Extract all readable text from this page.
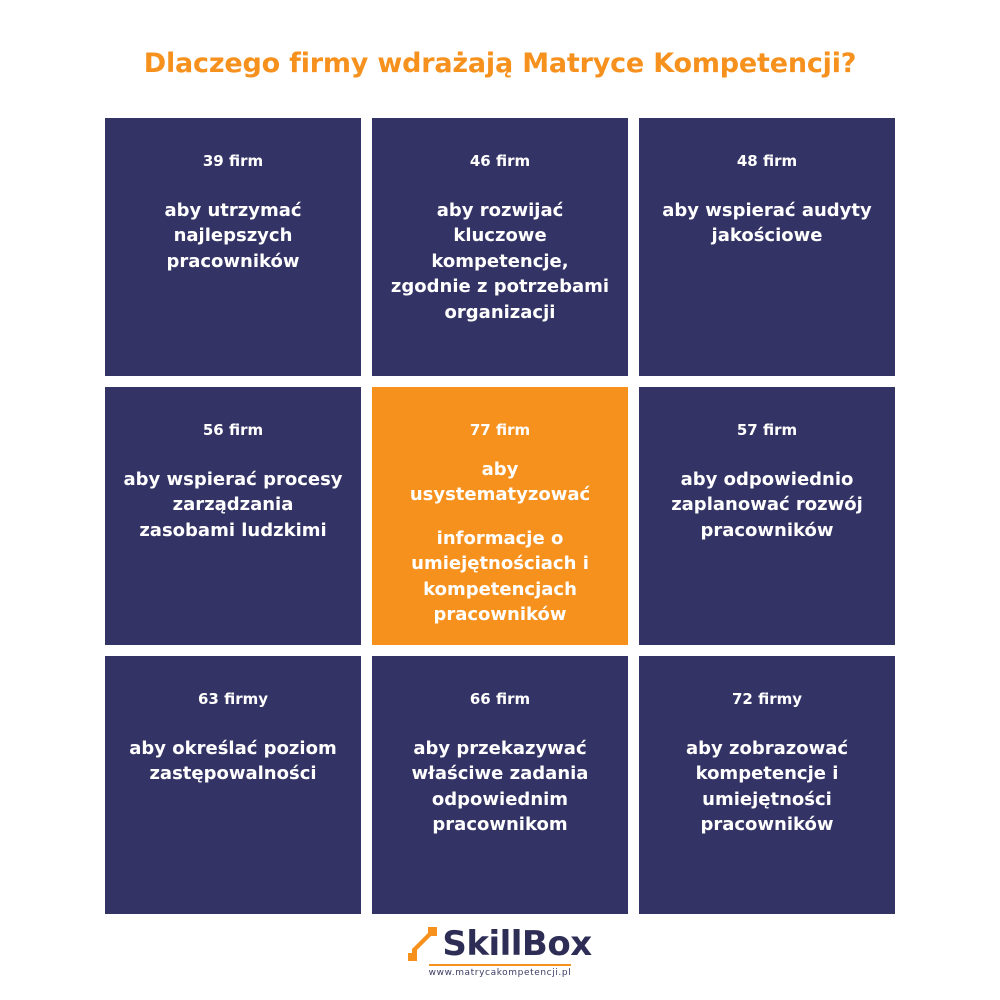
Dlaczego firmy wdrażają Matryce Kompetencji?
39 firm
aby utrzymać najlepszych pracowników
46 firm
aby rozwijać kluczowe kompetencje, zgodnie z potrzebami organizacji
48 firm
aby wspierać audyty jakościowe
56 firm
aby wspierać procesy zarządzania zasobami ludzkimi
77 firm
aby usystematyzować
informacje o umiejętnościach i kompetencjach pracowników
57 firm
aby odpowiednio zaplanować rozwój pracowników
63 firmy
aby określać poziom zastępowalności
66 firm
aby przekazywać właściwe zadania odpowiednim pracownikom
72 firmy
aby zobrazować kompetencje i umiejętności pracowników
SkillBox
www.matrycakompetencji.pl
